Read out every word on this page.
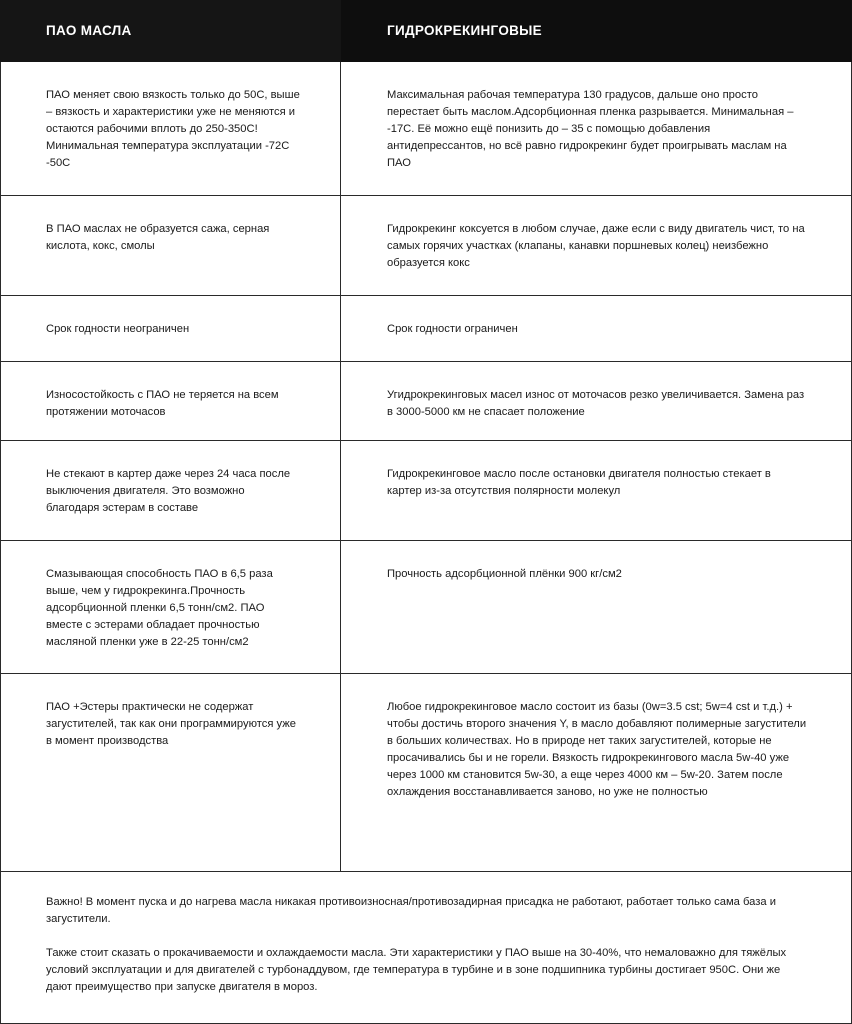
ПАО МАСЛА	ГИДРОКРЕКИНГОВЫЕ
ПАО меняет свою вязкость только до 50С, выше – вязкость и характеристики уже не меняются и остаются рабочими вплоть до 250-350С! Минимальная температура эксплуатации -72С -50С
Максимальная рабочая температура 130 градусов, дальше оно просто перестает быть маслом.Адсорбционная пленка разрывается. Минимальная – -17С. Её можно ещё понизить до – 35 с помощью добавления антидепрессантов, но всё равно гидрокрекинг будет проигрывать маслам на ПАО
В ПАО маслах не образуется сажа, серная кислота, кокс, смолы
Гидрокрекинг коксуется в любом случае, даже если с виду двигатель чист, то на самых горячих участках (клапаны, канавки поршневых колец) неизбежно образуется кокс
Срок годности неограничен	Срок годности ограничен
Износостойкость с ПАО не теряется на всем протяжении моточасов
Угидрокрекинговых масел износ от моточасов резко увеличивается. Замена раз в 3000-5000 км не спасает положение
Не стекают в картер даже через 24 часа после выключения двигателя. Это возможно благодаря эстерам в составе
Гидрокрекинговое масло после остановки двигателя полностью стекает в картер из-за отсутствия полярности молекул
Смазывающая способность ПАО в 6,5 раза выше, чем у гидрокрекинга.Прочность адсорбционной пленки 6,5 тонн/см2. ПАО вместе с эстерами обладает прочностью масляной пленки уже в 22-25 тонн/см2
Прочность адсорбционной плёнки 900 кг/см2
ПАО +Эстеры практически не содержат загустителей, так как они программируются уже в момент производства
Любое гидрокрекинговое масло состоит из базы (0w=3.5 cst; 5w=4 cst и т.д.) + чтобы достичь второго значения Y, в масло добавляют полимерные загустители в больших количествах. Но в природе нет таких загустителей, которые не просачивались бы и не горели. Вязкость гидрокрекингового масла 5w-40 уже через 1000 км становится 5w-30, а еще через 4000 км – 5w-20. Затем после охлаждения восстанавливается заново, но уже не полностью

Важно! В момент пуска и до нагрева масла никакая противоизносная/противозадирная присадка не работают, работает только сама база и загустители.

Также стоит сказать о прокачиваемости и охлаждаемости масла. Эти характеристики у ПАО выше на 30-40%, что немаловажно для тяжёлых условий эксплуатации и для двигателей с турбонаддувом, где температура в турбине и в зоне подшипника турбины достигает 950С. Они же дают преимущество при запуске двигателя в мороз.
